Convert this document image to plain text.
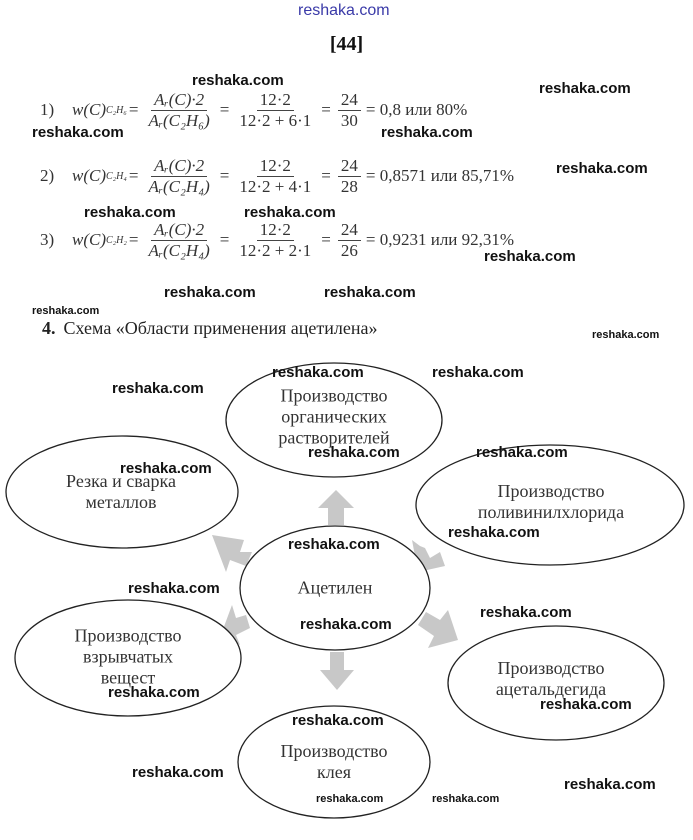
reshaka.com
[44]
1)	w(C) $C_2H_6 = \frac{\text{Aᵣ(C)·2}}{\text{Aᵣ(C₂H₆)}} = \frac{12\cdot 2}{12\cdot 2 + 6\cdot 1} = \frac{24}{30} = 0,8$ или 80%
2)	w(C) $C_2H_4 = \frac{\text{Aᵣ(C)·2}}{\text{Aᵣ(C₂H₄)}} = \frac{12\cdot 2}{12\cdot 2 + 4\cdot 1} = \frac{24}{28} = 0,8571$ или 85,71%
3)	w(C) $C_2H_2 = \frac{\text{Aᵣ(C)·2}}{\text{Aᵣ(C₂H₄)}} = \frac{12\cdot 2}{12\cdot 2 + 2\cdot 1} = \frac{24}{26} = 0,9231$ или 92,31%
4. Схема «Области применения ацетилена»
Производство
органических
растворителей
Резка и сварка
металлов
Производство
поливинилхлорида
Ацетилен
Производство
взрывчатых
вещест	Производство
ацетальдегида
Производство
клея
reshaka.com	reshaka.com
reshaka.com	reshaka.com
reshaka.com
reshaka.com	reshaka.com
reshaka.com
reshaka.com	reshaka.com
reshaka.com
reshaka.com
reshaka.com	reshaka.com
reshaka.com
reshaka.com	reshaka.com
reshaka.com
reshaka.com
reshaka.com
reshaka.com
reshaka.com
reshaka.com
reshaka.com
reshaka.com
reshaka.com
reshaka.com
reshaka.com
reshaka.com	reshaka.com
